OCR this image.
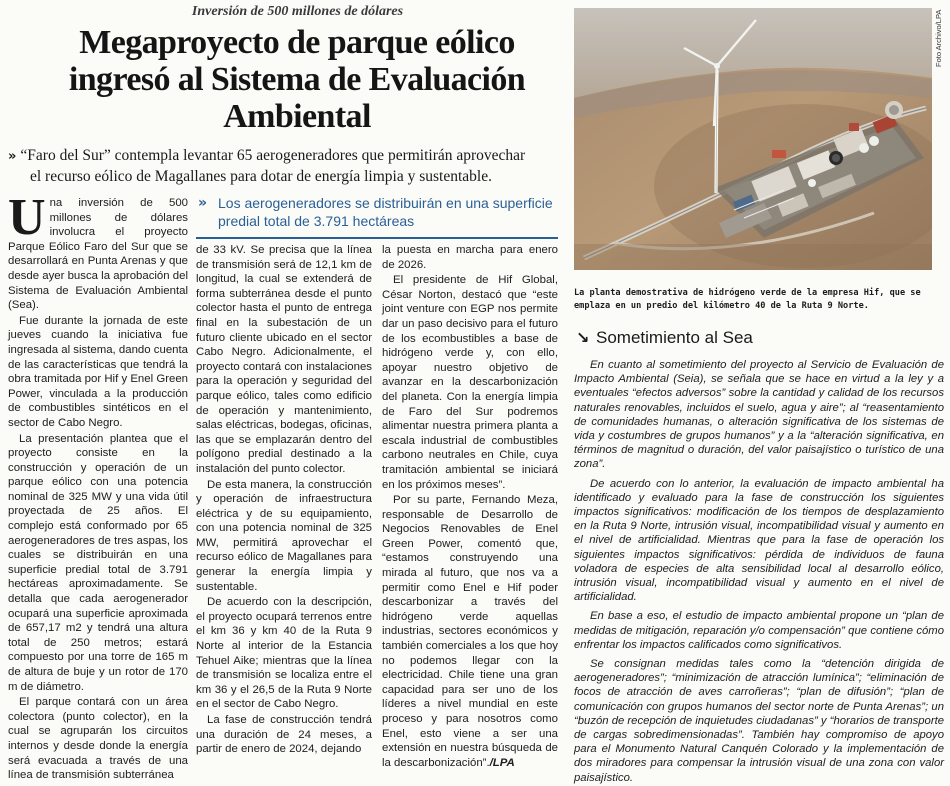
Inversión de 500 millones de dólares
Megaproyecto de parque eólico ingresó al Sistema de Evaluación Ambiental
» “Faro del Sur” contempla levantar 65 aerogeneradores que permitirán aprovechar
el recurso eólico de Magallanes para dotar de energía limpia y sustentable.

Una inversión de 500 millones de dólares involucra el proyecto Parque Eólico Faro del Sur que se desarrollará en Punta Arenas y que desde ayer busca la aprobación del Sistema de Evaluación Ambiental (Sea).

Fue durante la jornada de este jueves cuando la iniciativa fue ingresada al sistema, dando cuenta de las características que tendrá la obra tramitada por Hif y Enel Green Power, vinculada a la producción de combustibles sintéticos en el sector de Cabo Negro.

La presentación plantea que el proyecto consiste en la construcción y operación de un parque eólico con una potencia nominal de 325 MW y una vida útil proyectada de 25 años. El complejo está conformado por 65 aerogeneradores de tres aspas, los cuales se distribuirán en una superficie predial total de 3.791 hectáreas aproximadamente. Se detalla que cada aerogenerador ocupará una superficie aproximada de 657,17 m2 y tendrá una altura total de 250 metros; estará compuesto por una torre de 165 m de altura de buje y un rotor de 170 m de diámetro.

El parque contará con un área colectora (punto colector), en la cual se agruparán los circuitos internos y desde donde la energía será evacuada a través de una línea de transmisión subterránea

» Los aerogeneradores se distribuirán en una superficie predial total de 3.791 hectáreas

de 33 kV. Se precisa que la línea de transmisión será de 12,1 km de longitud, la cual se extenderá de forma subterránea desde el punto colector hasta el punto de entrega final en la subestación de un futuro cliente ubicado en el sector Cabo Negro. Adicionalmente, el proyecto contará con instalaciones para la operación y seguridad del parque eólico, tales como edificio de operación y mantenimiento, salas eléctricas, bodegas, oficinas, las que se emplazarán dentro del polígono predial destinado a la instalación del punto colector.

De esta manera, la construcción y operación de infraestructura eléctrica y de su equipamiento, con una potencia nominal de 325 MW, permitirá aprovechar el recurso eólico de Magallanes para generar la energía limpia y sustentable.

De acuerdo con la descripción, el proyecto ocupará terrenos entre el km 36 y km 40 de la Ruta 9 Norte al interior de la Estancia Tehuel Aike; mientras que la línea de transmisión se localiza entre el km 36 y el 26,5 de la Ruta 9 Norte en el sector de Cabo Negro.

La fase de construcción tendrá una duración de 24 meses, a partir de enero de 2024, dejando

la puesta en marcha para enero de 2026.

El presidente de Hif Global, César Norton, destacó que “este joint venture con EGP nos permite dar un paso decisivo para el futuro de los ecombustibles a base de hidrógeno verde y, con ello, apoyar nuestro objetivo de avanzar en la descarbonización del planeta. Con la energía limpia de Faro del Sur podremos alimentar nuestra primera planta a escala industrial de combustibles carbono neutrales en Chile, cuya tramitación ambiental se iniciará en los próximos meses”.

Por su parte, Fernando Meza, responsable de Desarrollo de Negocios Renovables de Enel Green Power, comentó que, “estamos construyendo una mirada al futuro, que nos va a permitir como Enel e Hif poder descarbonizar a través del hidrógeno verde aquellas industrias, sectores económicos y también comerciales a los que hoy no podemos llegar con la electricidad. Chile tiene una gran capacidad para ser uno de los líderes a nivel mundial en este proceso y para nosotros como Enel, esto viene a ser una extensión en nuestra búsqueda de la descarbonización”./LPA

Foto Archivo/LPA
La planta demostrativa de hidrógeno verde de la empresa Hif, que se emplaza en un predio del kilómetro 40 de la Ruta 9 Norte.
↘ Sometimiento al Sea

En cuanto al sometimiento del proyecto al Servicio de Evaluación de Impacto Ambiental (Seia), se señala que se hace en virtud a la ley y a eventuales “efectos adversos” sobre la cantidad y calidad de los recursos naturales renovables, incluidos el suelo, agua y aire”; al “reasentamiento de comunidades humanas, o alteración significativa de los sistemas de vida y costumbres de grupos humanos” y a la “alteración significativa, en términos de magnitud o duración, del valor paisajístico o turístico de una zona”.

De acuerdo con lo anterior, la evaluación de impacto ambiental ha identificado y evaluado para la fase de construcción los siguientes impactos significativos: modificación de los tiempos de desplazamiento en la Ruta 9 Norte, intrusión visual, incompatibilidad visual y aumento en el nivel de artificialidad. Mientras que para la fase de operación los siguientes impactos significativos: pérdida de individuos de fauna voladora de especies de alta sensibilidad local al desarrollo eólico, intrusión visual, incompatibilidad visual y aumento en el nivel de artificialidad.

En base a eso, el estudio de impacto ambiental propone un “plan de medidas de mitigación, reparación y/o compensación” que contiene cómo enfrentar los impactos calificados como significativos.

Se consignan medidas tales como la “detención dirigida de aerogeneradores”; “minimización de atracción lumínica”; “eliminación de focos de atracción de aves carroñeras”; “plan de difusión”; “plan de comunicación con grupos humanos del sector norte de Punta Arenas”; un “buzón de recepción de inquietudes ciudadanas” y “horarios de transporte de cargas sobredimensionadas”. También hay compromiso de apoyo para el Monumento Natural Canquén Colorado y la implementación de dos miradores para compensar la intrusión visual de una zona con valor paisajístico.
